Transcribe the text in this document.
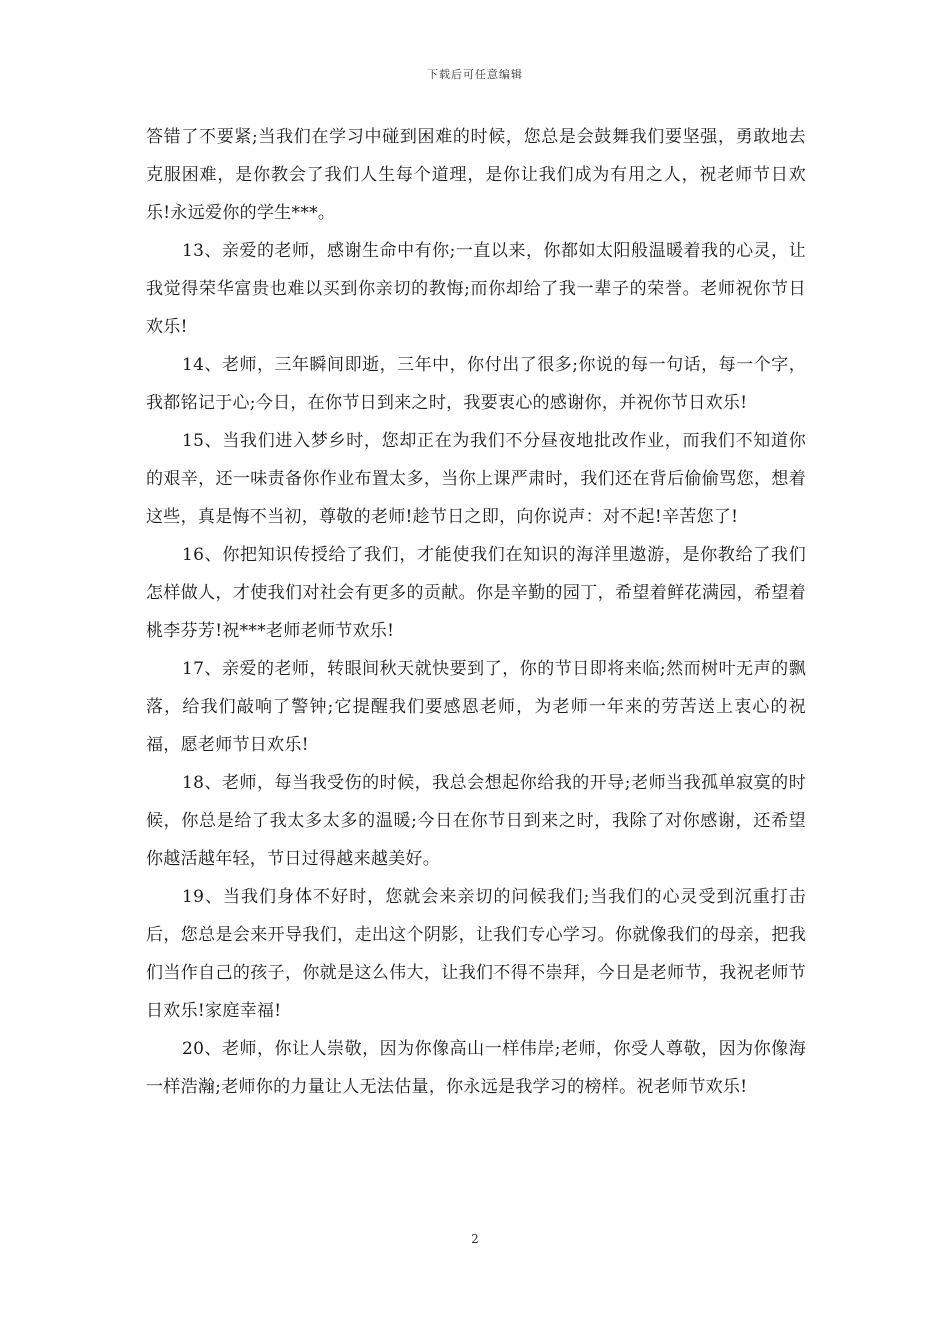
下载后可任意编辑

答错了不要紧;当我们在学习中碰到困难的时候，您总是会鼓舞我们要坚强，勇敢地去克服困难，是你教会了我们人生每个道理，是你让我们成为有用之人，祝老师节日欢乐!永远爱你的学生***。

13、亲爱的老师，感谢生命中有你;一直以来，你都如太阳般温暖着我的心灵，让我觉得荣华富贵也难以买到你亲切的教悔;而你却给了我一辈子的荣誉。老师祝你节日欢乐!

14、老师，三年瞬间即逝，三年中，你付出了很多;你说的每一句话，每一个字，我都铭记于心;今日，在你节日到来之时，我要衷心的感谢你，并祝你节日欢乐!

15、当我们进入梦乡时，您却正在为我们不分昼夜地批改作业，而我们不知道你的艰辛，还一味责备你作业布置太多，当你上课严肃时，我们还在背后偷偷骂您，想着这些，真是悔不当初，尊敬的老师!趁节日之即，向你说声：对不起!辛苦您了!

16、你把知识传授给了我们，才能使我们在知识的海洋里遨游，是你教给了我们怎样做人，才使我们对社会有更多的贡献。你是辛勤的园丁，希望着鲜花满园，希望着桃李芬芳!祝***老师老师节欢乐!

17、亲爱的老师，转眼间秋天就快要到了，你的节日即将来临;然而树叶无声的飘落，给我们敲响了警钟;它提醒我们要感恩老师，为老师一年来的劳苦送上衷心的祝福，愿老师节日欢乐!

18、老师，每当我受伤的时候，我总会想起你给我的开导;老师当我孤单寂寞的时候，你总是给了我太多太多的温暖;今日在你节日到来之时，我除了对你感谢，还希望你越活越年轻，节日过得越来越美好。

19、当我们身体不好时，您就会来亲切的问候我们;当我们的心灵受到沉重打击后，您总是会来开导我们，走出这个阴影，让我们专心学习。你就像我们的母亲，把我们当作自己的孩子，你就是这么伟大，让我们不得不崇拜，今日是老师节，我祝老师节日欢乐!家庭幸福!

20、老师，你让人崇敬，因为你像高山一样伟岸;老师，你受人尊敬，因为你像海一样浩瀚;老师你的力量让人无法估量，你永远是我学习的榜样。祝老师节欢乐!

2
